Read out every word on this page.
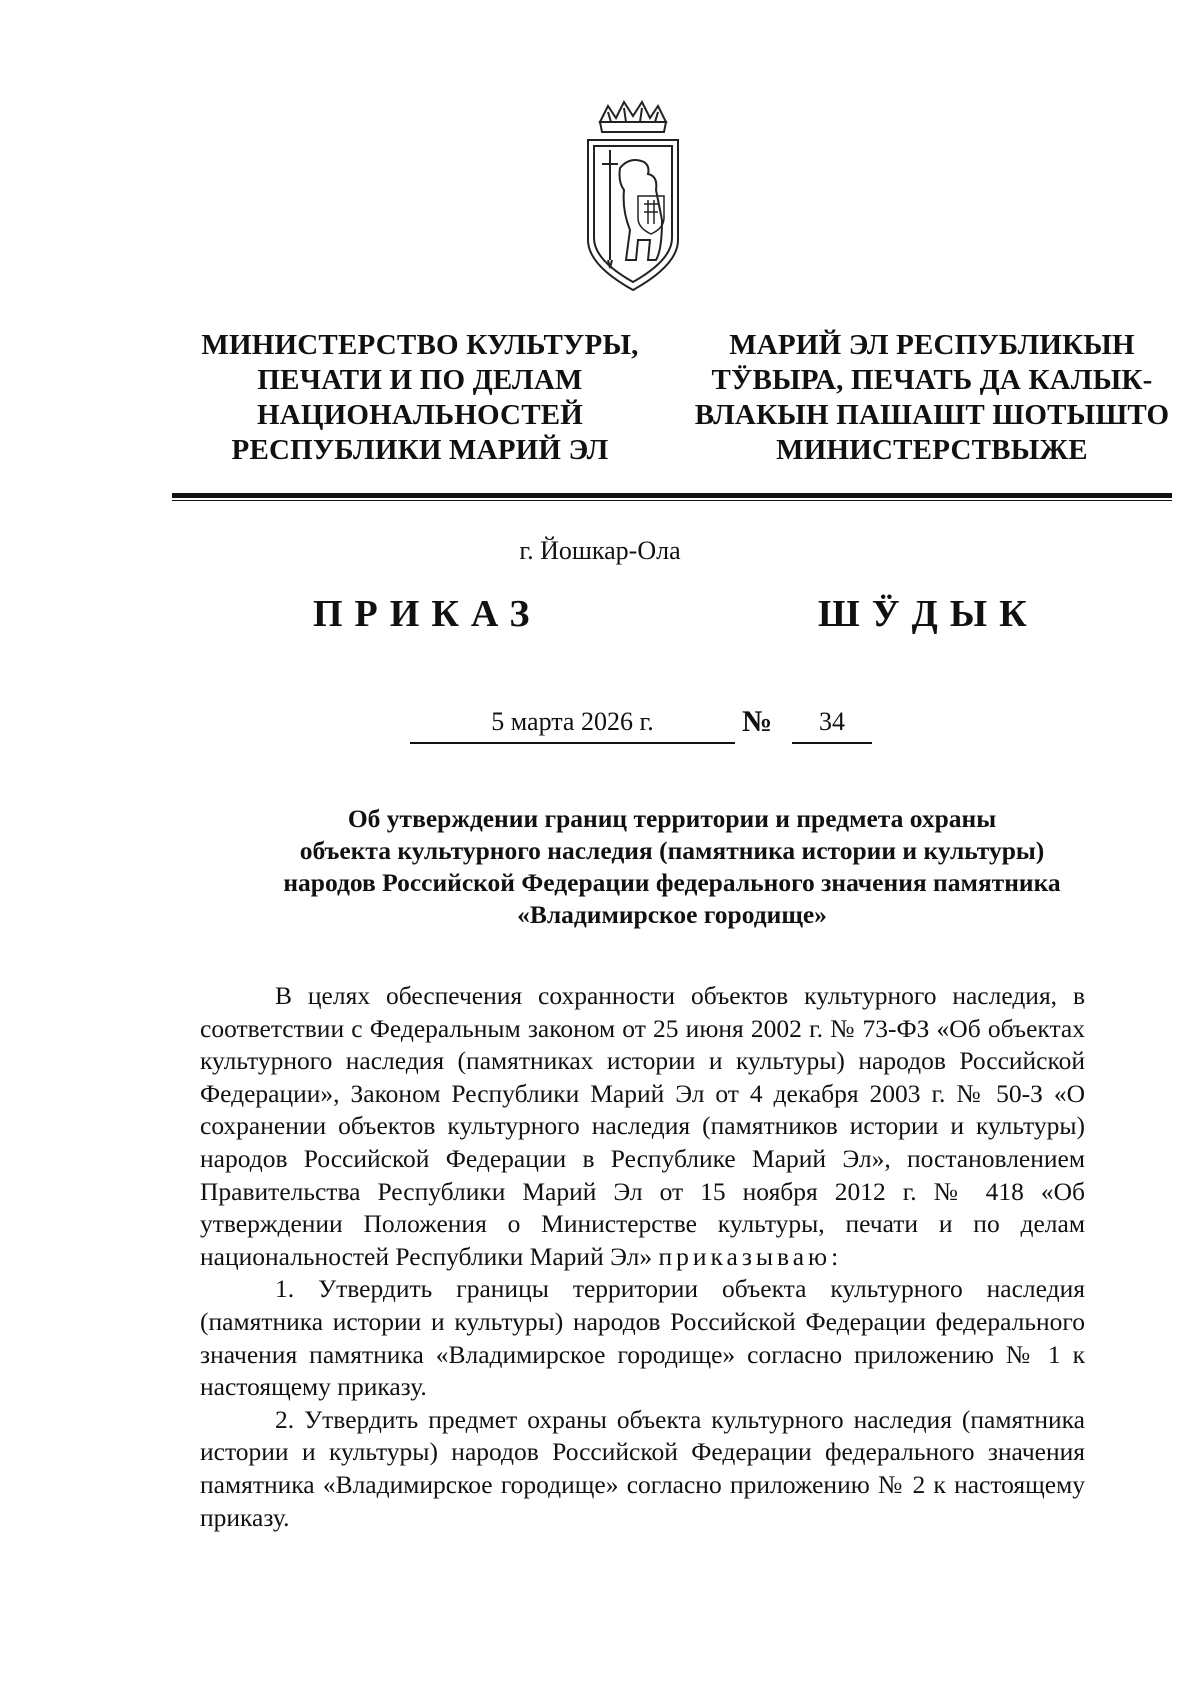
МИНИСТЕРСТВО КУЛЬТУРЫ,
ПЕЧАТИ И ПО ДЕЛАМ
НАЦИОНАЛЬНОСТЕЙ
РЕСПУБЛИКИ МАРИЙ ЭЛ
МАРИЙ ЭЛ РЕСПУБЛИКЫН
ТӰВЫРА, ПЕЧАТЬ ДА КАЛЫК-
ВЛАКЫН ПАШАШТ ШОТЫШТО
МИНИСТЕРСТВЫЖЕ
г. Йошкар-Ола
ПРИКАЗ	ШӰДЫК
5 марта 2026 г.	№	34
Об утверждении границ территории и предмета охраны
объекта культурного наследия (памятника истории и культуры)
народов Российской Федерации федерального значения памятника
«Владимирское городище»

В целях обеспечения сохранности объектов культурного наследия, в соответствии с Федеральным законом от 25 июня 2002 г. № 73-ФЗ «Об объектах культурного наследия (памятниках истории и культуры) народов Российской Федерации», Законом Республики Марий Эл от 4 декабря 2003 г. № 50-З «О сохранении объектов культурного наследия (памятников истории и культуры) народов Российской Федерации в Республике Марий Эл», постановлением Правительства Республики Марий Эл от 15 ноября 2012 г. № 418 «Об утверждении Положения о Министерстве культуры, печати и по делам национальностей Республики Марий Эл» приказываю:

1. Утвердить границы территории объекта культурного наследия (памятника истории и культуры) народов Российской Федерации федерального значения памятника «Владимирское городище» согласно приложению № 1 к настоящему приказу.

2. Утвердить предмет охраны объекта культурного наследия (памятника истории и культуры) народов Российской Федерации федерального значения памятника «Владимирское городище» согласно приложению № 2 к настоящему приказу.
